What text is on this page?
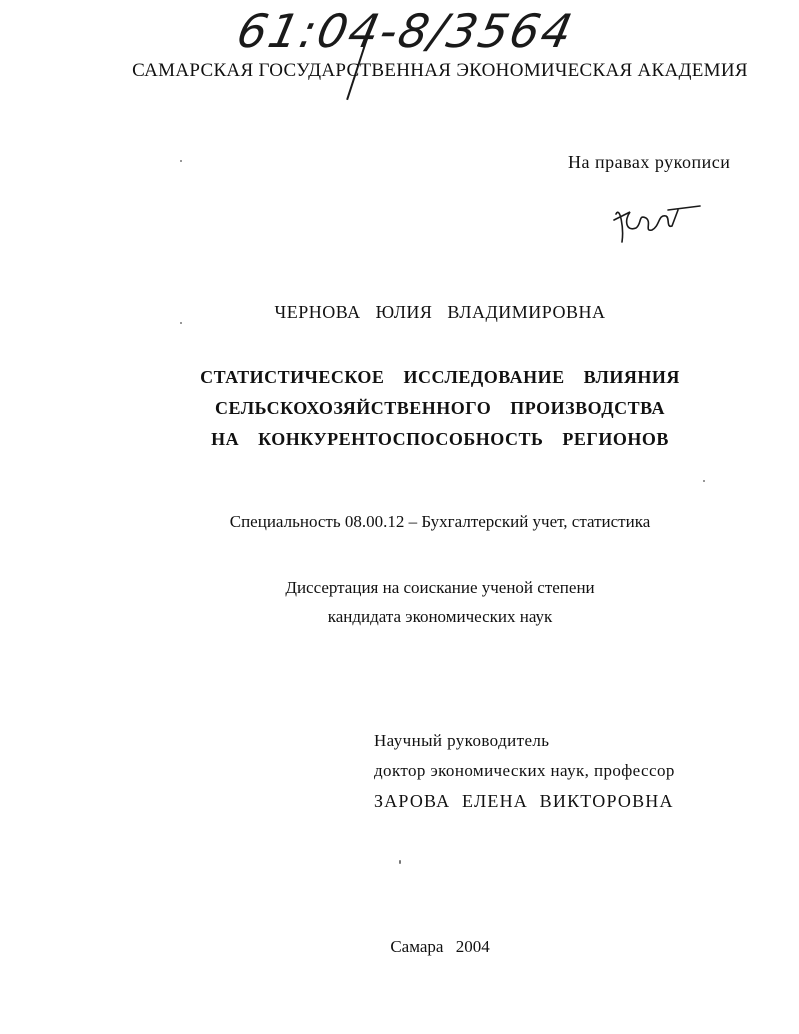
61:04-8/3564
САМАРСКАЯ ГОСУДАРСТВЕННАЯ ЭКОНОМИЧЕСКАЯ АКАДЕМИЯ
На правах рукописи
ЧЕРНОВА ЮЛИЯ ВЛАДИМИРОВНА
СТАТИСТИЧЕСКОЕ ИССЛЕДОВАНИЕ ВЛИЯНИЯ
СЕЛЬСКОХОЗЯЙСТВЕННОГО ПРОИЗВОДСТВА
НА КОНКУРЕНТОСПОСОБНОСТЬ РЕГИОНОВ
Специальность 08.00.12 – Бухгалтерский учет, статистика
Диссертация на соискание ученой степени
кандидата экономических наук
Научный руководитель
доктор экономических наук, профессор
ЗАРОВА ЕЛЕНА ВИКТОРОВНА
Самара 2004
